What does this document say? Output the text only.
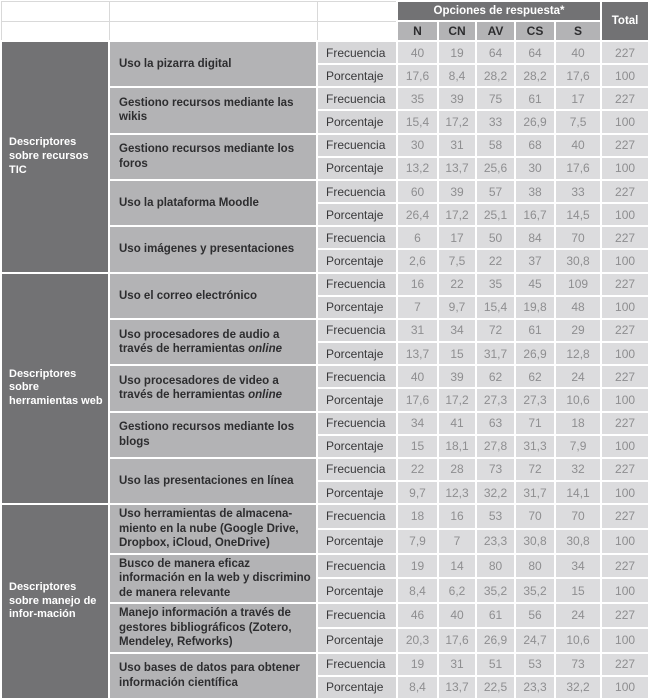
			Opciones de respuesta*					Total
			N	CN	AV	CS	S	
Descriptores sobre recursos TIC	Uso la pizarra digital	Frecuencia	40	19	64	64	40	227
		Porcentaje	17,6	8,4	28,2	28,2	17,6	100
	Gestiono recursos mediante las wikis	Frecuencia	35	39	75	61	17	227
		Porcentaje	15,4	17,2	33	26,9	7,5	100
	Gestiono recursos mediante los foros	Frecuencia	30	31	58	68	40	227
		Porcentaje	13,2	13,7	25,6	30	17,6	100
	Uso la plataforma Moodle	Frecuencia	60	39	57	38	33	227
		Porcentaje	26,4	17,2	25,1	16,7	14,5	100
	Uso imágenes y presentaciones	Frecuencia	6	17	50	84	70	227
		Porcentaje	2,6	7,5	22	37	30,8	100
Descriptores sobre herramientas web	Uso el correo electrónico	Frecuencia	16	22	35	45	109	227
		Porcentaje	7	9,7	15,4	19,8	48	100
	Uso procesadores de audio a través de herramientas online	Frecuencia	31	34	72	61	29	227
		Porcentaje	13,7	15	31,7	26,9	12,8	100
	Uso procesadores de video a través de herramientas online	Frecuencia	40	39	62	62	24	227
		Porcentaje	17,6	17,2	27,3	27,3	10,6	100
	Gestiono recursos mediante los blogs	Frecuencia	34	41	63	71	18	227
		Porcentaje	15	18,1	27,8	31,3	7,9	100
	Uso las presentaciones en línea	Frecuencia	22	28	73	72	32	227
		Porcentaje	9,7	12,3	32,2	31,7	14,1	100
Descriptores sobre manejo de infor-mación	Uso herramientas de almacena-miento en la nube (Google Drive, Dropbox, iCloud, OneDrive)	Frecuencia	18	16	53	70	70	227
		Porcentaje	7,9	7	23,3	30,8	30,8	100
	Busco de manera eficaz información en la web y discrimino de manera relevante	Frecuencia	19	14	80	80	34	227
		Porcentaje	8,4	6,2	35,2	35,2	15	100
	Manejo información a través de gestores bibliográficos (Zotero, Mendeley, Refworks)	Frecuencia	46	40	61	56	24	227
		Porcentaje	20,3	17,6	26,9	24,7	10,6	100
	Uso bases de datos para obtener información científica	Frecuencia	19	31	51	53	73	227
		Porcentaje	8,4	13,7	22,5	23,3	32,2	100
